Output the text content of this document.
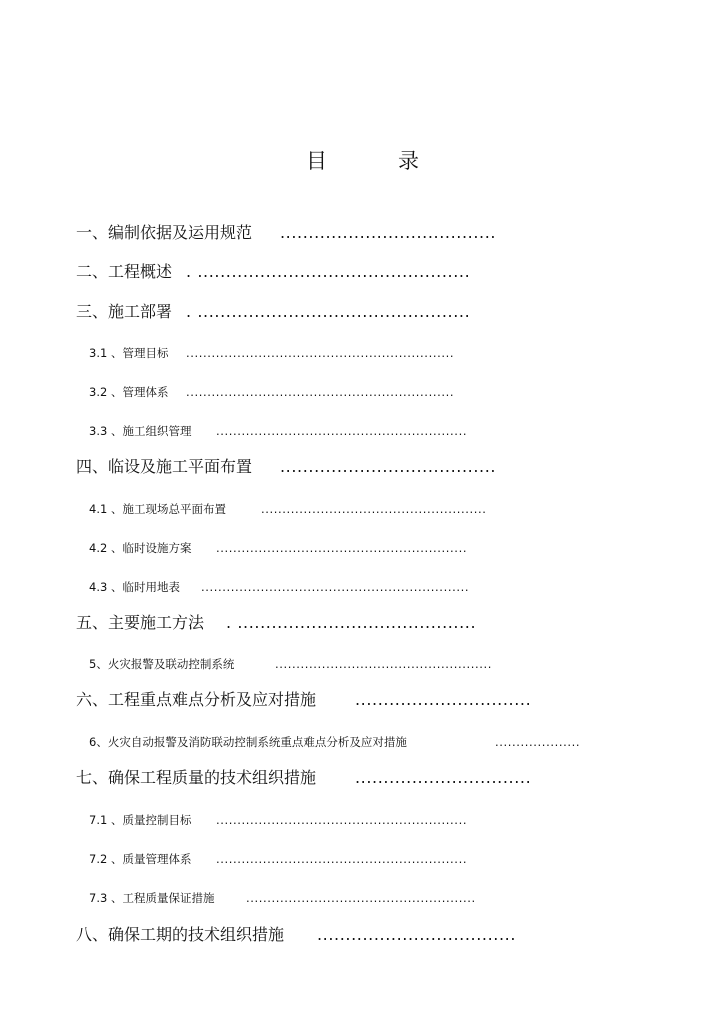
目	录
一、编制依据及运用规范 ......................................
二、工程概述 . ................................................
三、施工部署 . ................................................
3.1 、管理目标 ...............................................................
3.2 、管理体系 ...............................................................
3.3 、施工组织管理 ...........................................................
四、临设及施工平面布置 ......................................
4.1 、施工现场总平面布置	.....................................................
4.2 、临时设施方案 ...........................................................
4.3 、临时用地表 ...............................................................
五、主要施工方法 . ..........................................
5、火灾报警及联动控制系统	...................................................
六、工程重点难点分析及应对措施 ...............................
6、火灾自动报警及消防联动控制系统重点难点分析及应对措施	....................
七、确保工程质量的技术组织措施 ...............................
7.1 、质量控制目标 ...........................................................
7.2 、质量管理体系 ...........................................................
7.3 、工程质量保证措施	......................................................
八、确保工期的技术组织措施 ...................................
